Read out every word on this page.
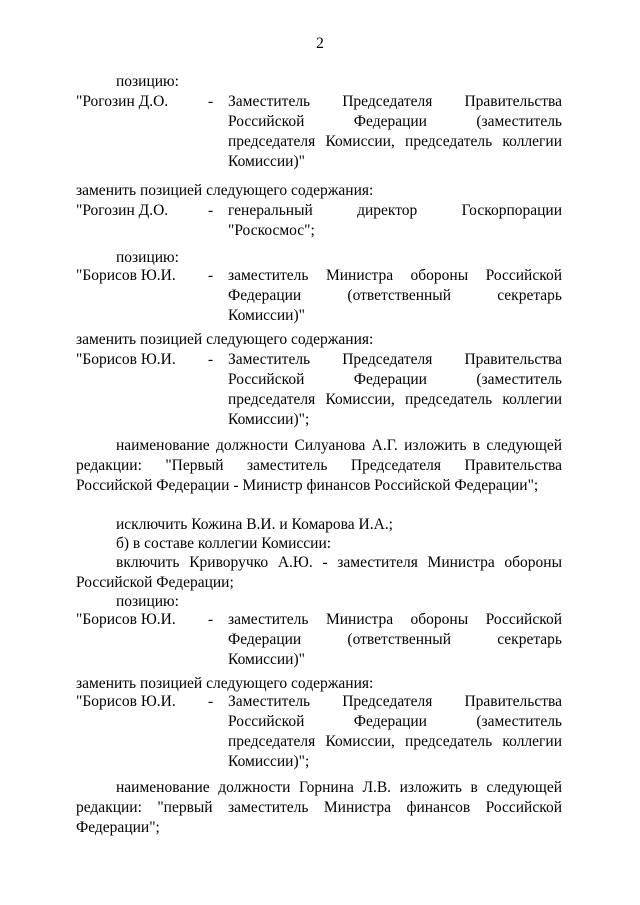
2
позицию:
"Рогозин Д.О.	- Заместитель Председателя Правительства
Российской Федерации (заместитель
председателя Комиссии, председатель коллегии
Комиссии)"
заменить позицией следующего содержания:
"Рогозин Д.О.	- генеральный директор Госкорпорации
"Роскосмос";
позицию:
"Борисов Ю.И. - заместитель Министра обороны Российской
Федерации (ответственный секретарь
Комиссии)"
заменить позицией следующего содержания:
"Борисов Ю.И. - Заместитель Председателя Правительства
Российской Федерации (заместитель
председателя Комиссии, председатель коллегии
Комиссии)";
наименование должности Силуанова А.Г. изложить в следующей редакции: "Первый заместитель Председателя Правительства Российской Федерации - Министр финансов Российской Федерации";
исключить Кожина В.И. и Комарова И.А.;
б) в составе коллегии Комиссии:
включить Криворучко А.Ю. - заместителя Министра обороны Российской Федерации;
позицию:
"Борисов Ю.И. - заместитель Министра обороны Российской
Федерации (ответственный секретарь
Комиссии)"
заменить позицией следующего содержания:
"Борисов Ю.И. - Заместитель Председателя Правительства
Российской Федерации (заместитель
председателя Комиссии, председатель коллегии
Комиссии)";
наименование должности Горнина Л.В. изложить в следующей редакции: "первый заместитель Министра финансов Российской Федерации";
